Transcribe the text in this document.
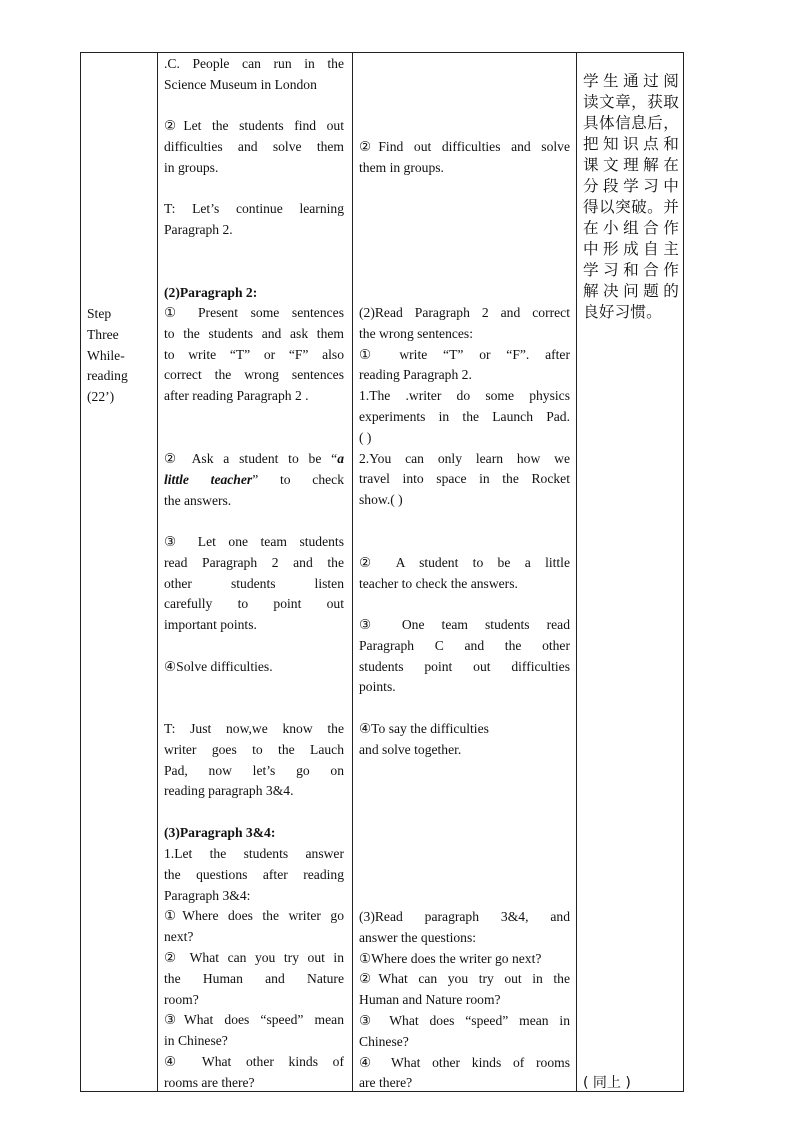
Step
Three
While-
reading
(22’)

.C. People can run in the

Science Museum in London

②Let the students find out

difficulties and solve them

in groups.

T: Let’s continue learning

Paragraph 2.

(2)Paragraph 2:

① Present some sentences

to the students and ask them

to write “T” or “F” also

correct the wrong sentences

after reading Paragraph 2 .

② Ask a student to be “a

little teacher” to check

the answers.

③ Let one team students

read Paragraph 2 and the

other students listen

carefully to point out

important points.

④Solve difficulties.

T: Just now,we know the

writer goes to the Lauch

Pad, now let’s go on

reading paragraph 3&4.

(3)Paragraph 3&4:

1.Let the students answer

the questions after reading

Paragraph 3&4:

①Where does the writer go

next?

② What can you try out in

the Human and Nature

room?

③What does “speed” mean

in Chinese?

④ What other kinds of

rooms are there?

②Find out difficulties and solve

them in groups.

(2)Read Paragraph 2 and correct

the wrong sentences:

① write “T” or “F”. after

reading Paragraph 2.

1.The .writer do some physics

experiments in the Launch Pad.

( )

2.You can only learn how we

travel into space in the Rocket

show.( )

② A student to be a little

teacher to check the answers.

③ One team students read

Paragraph C and the other

students point out difficulties

points.

④To say the difficulties

and solve together.

(3)Read paragraph 3&4, and

answer the questions:

①Where does the writer go next?

②What can you try out in the

Human and Nature room?

③ What does “speed” mean in

Chinese?

④ What other kinds of rooms

are there?

学生通过阅
读文章，获取
具体信息后，
把知识点和
课文理解在
分段学习中
得以突破。并
在小组合作
中形成自主
学习和合作
解决问题的
良好习惯。
( 同上 )
